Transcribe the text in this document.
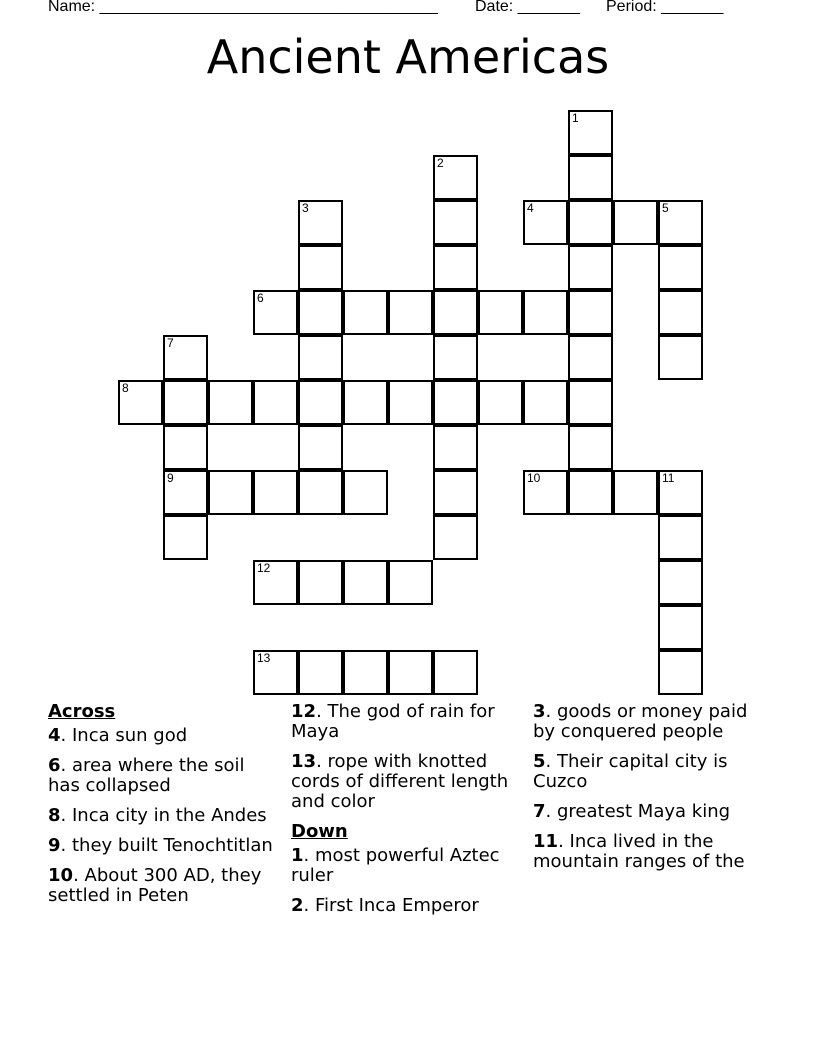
Name: ______________________________________ Date: _______ Period: _______
Ancient Americas
1
2
3	4	5
6
7
9
8
10	11
12
13
Across
4. Inca sun god
6. area where the soil has collapsed
8. Inca city in the Andes
9. they built Tenochtitlan
10. About 300 AD, they settled in Peten
12. The god of rain for Maya
13. rope with knotted cords of different length and color
Down
1. most powerful Aztec ruler
2. First Inca Emperor
3. goods or money paid by conquered people
5. Their capital city is Cuzco
7. greatest Maya king
11. Inca lived in the mountain ranges of the
